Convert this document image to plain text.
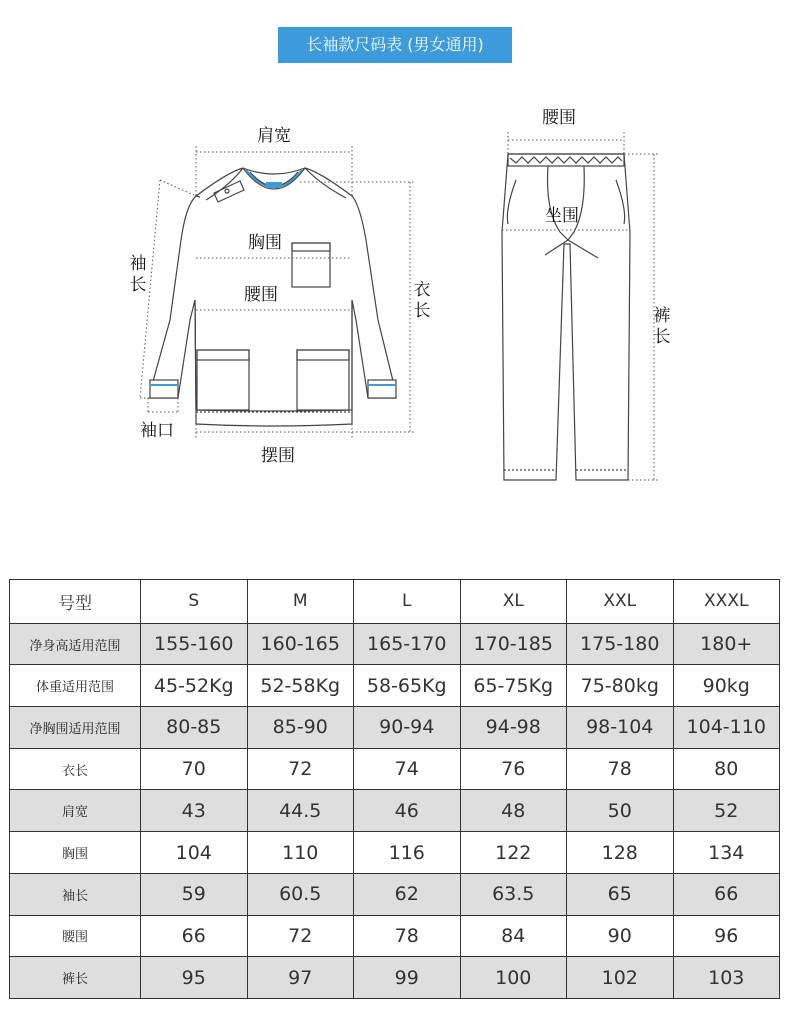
长袖款尺码表 (男女通用)
肩宽
胸围
腰围
袖
长	衣
长
袖口
摆围
腰围
坐围
裤
长
号型	S	M	L	XL	XXL	XXXL
净身高适用范围	155-160	160-165	165-170	170-185	175-180	180+
体重适用范围	45-52Kg	52-58Kg	58-65Kg	65-75Kg	75-80kg	90kg
净胸围适用范围	80-85	85-90	90-94	94-98	98-104	104-110
衣长	70	72	74	76	78	80
肩宽	43	44.5	46	48	50	52
胸围	104	110	116	122	128	134
袖长	59	60.5	62	63.5	65	66
腰围	66	72	78	84	90	96
裤长	95	97	99	100	102	103
